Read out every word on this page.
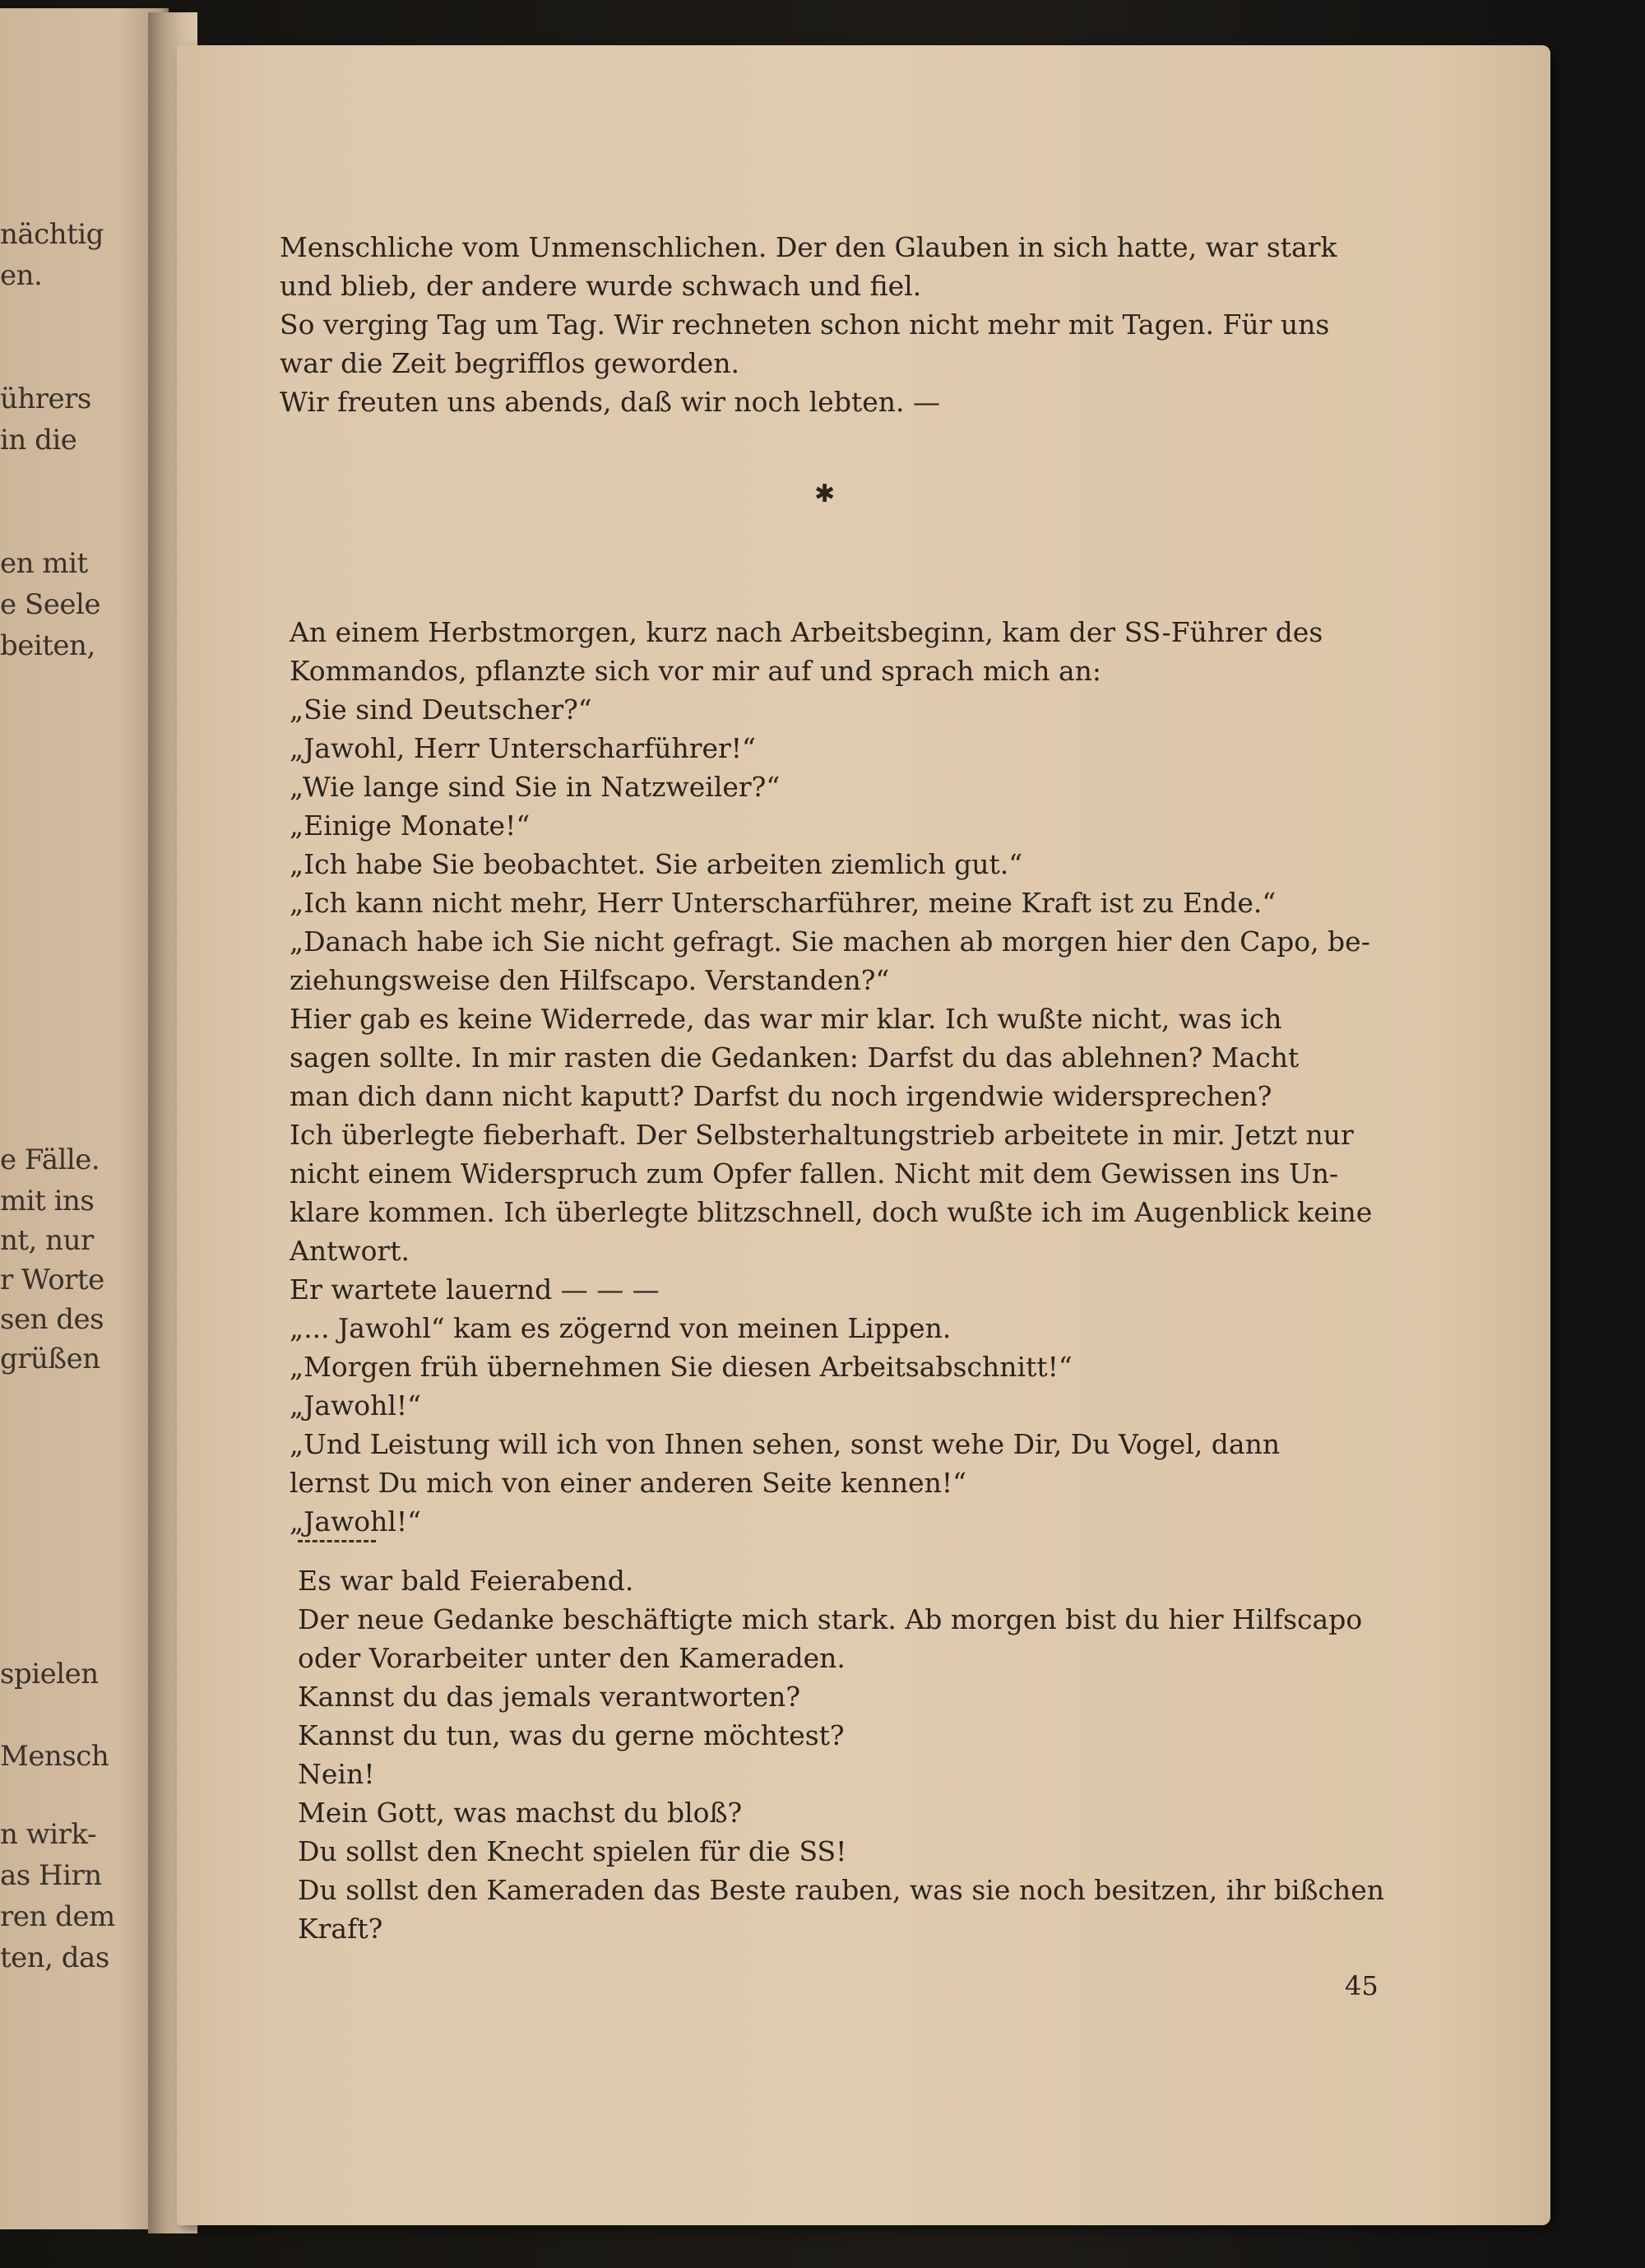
nächtig
en.
ührers
in die
en mit
e Seele
beiten,
e Fälle.
mit ins
nt, nur
r Worte
sen des
grüßen
spielen
Mensch
n wirk-
as Hirn
ren dem
ten, das
Menschliche vom Unmenschlichen. Der den Glauben in sich hatte, war stark
und blieb, der andere wurde schwach und fiel.
So verging Tag um Tag. Wir rechneten schon nicht mehr mit Tagen. Für uns
war die Zeit begrifflos geworden.
Wir freuten uns abends, daß wir noch lebten. —
✱
An einem Herbstmorgen, kurz nach Arbeitsbeginn, kam der SS-Führer des
Kommandos, pflanzte sich vor mir auf und sprach mich an:
„Sie sind Deutscher?“
„Jawohl, Herr Unterscharführer!“
„Wie lange sind Sie in Natzweiler?“
„Einige Monate!“
„Ich habe Sie beobachtet. Sie arbeiten ziemlich gut.“
„Ich kann nicht mehr, Herr Unterscharführer, meine Kraft ist zu Ende.“
„Danach habe ich Sie nicht gefragt. Sie machen ab morgen hier den Capo, be-
ziehungsweise den Hilfscapo. Verstanden?“
Hier gab es keine Widerrede, das war mir klar. Ich wußte nicht, was ich
sagen sollte. In mir rasten die Gedanken: Darfst du das ablehnen? Macht
man dich dann nicht kaputt? Darfst du noch irgendwie widersprechen?
Ich überlegte fieberhaft. Der Selbsterhaltungstrieb arbeitete in mir. Jetzt nur
nicht einem Widerspruch zum Opfer fallen. Nicht mit dem Gewissen ins Un-
klare kommen. Ich überlegte blitzschnell, doch wußte ich im Augenblick keine
Antwort.
Er wartete lauernd — — —
„... Jawohl“ kam es zögernd von meinen Lippen.
„Morgen früh übernehmen Sie diesen Arbeitsabschnitt!“
„Jawohl!“
„Und Leistung will ich von Ihnen sehen, sonst wehe Dir, Du Vogel, dann
lernst Du mich von einer anderen Seite kennen!“
„Jawohl!“
Es war bald Feierabend.
Der neue Gedanke beschäftigte mich stark. Ab morgen bist du hier Hilfscapo
oder Vorarbeiter unter den Kameraden.
Kannst du das jemals verantworten?
Kannst du tun, was du gerne möchtest?
Nein!
Mein Gott, was machst du bloß?
Du sollst den Knecht spielen für die SS!
Du sollst den Kameraden das Beste rauben, was sie noch besitzen, ihr bißchen
Kraft?
45
